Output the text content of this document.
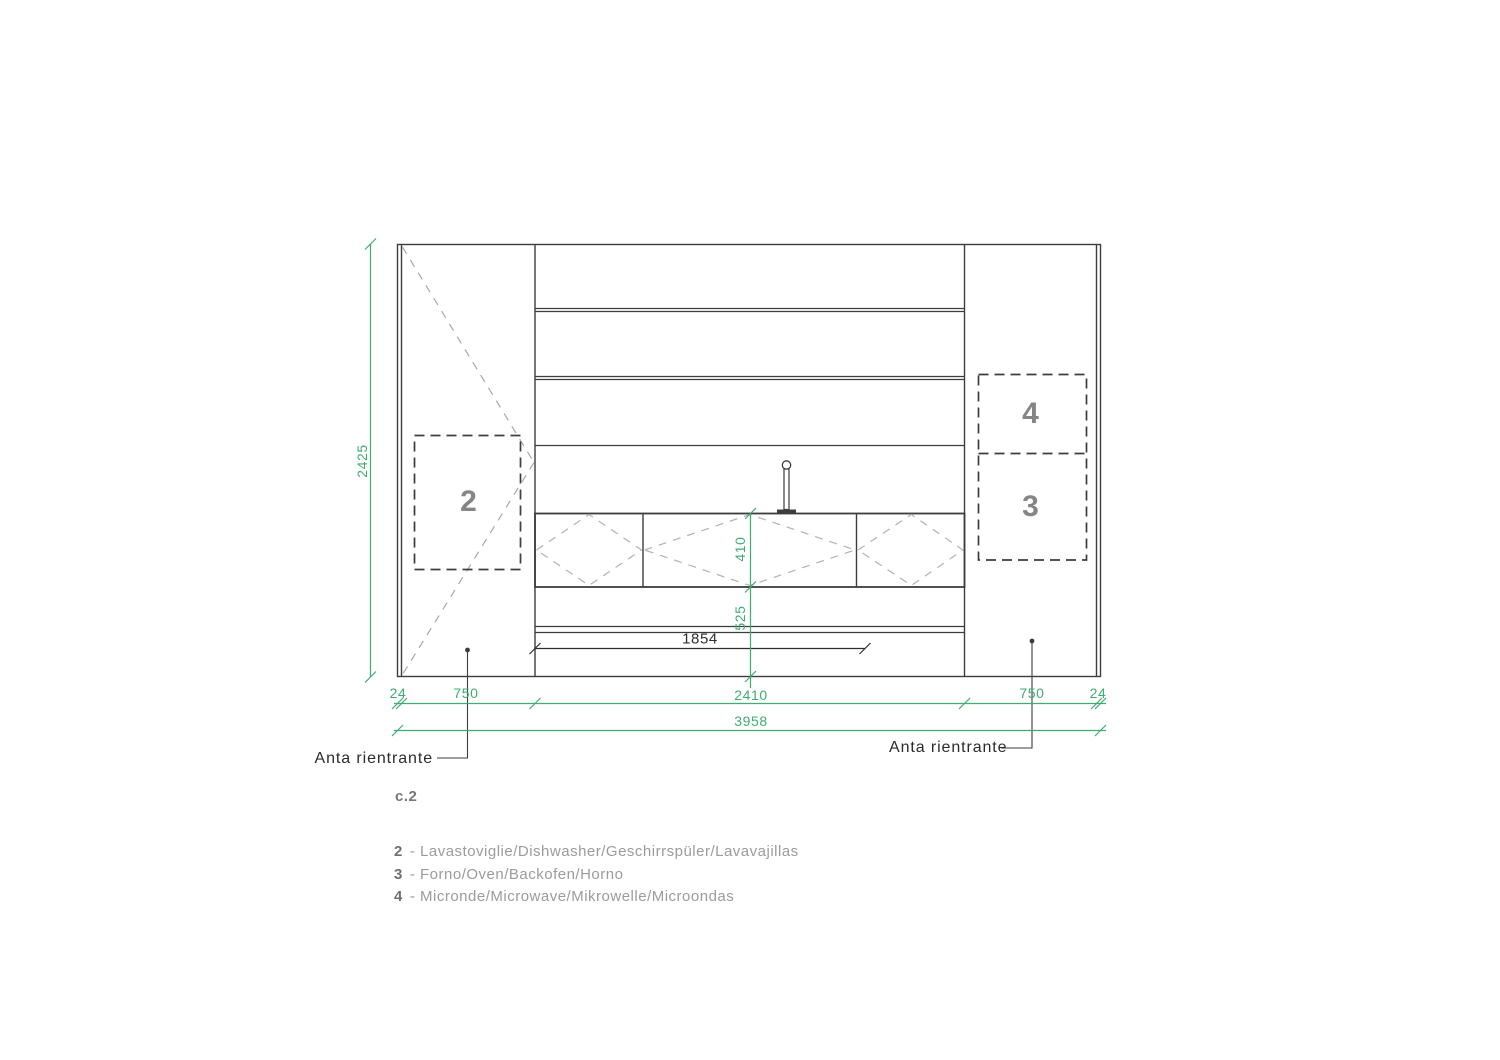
2425
410
525
1854
24	750	2410	750	24
3958
2
4
3
Anta rientrante
Anta rientrante
c.2
2 - Lavastoviglie/Dishwasher/Geschirrspüler/Lavavajillas
3 - Forno/Oven/Backofen/Horno
4 - Micronde/Microwave/Mikrowelle/Microondas
